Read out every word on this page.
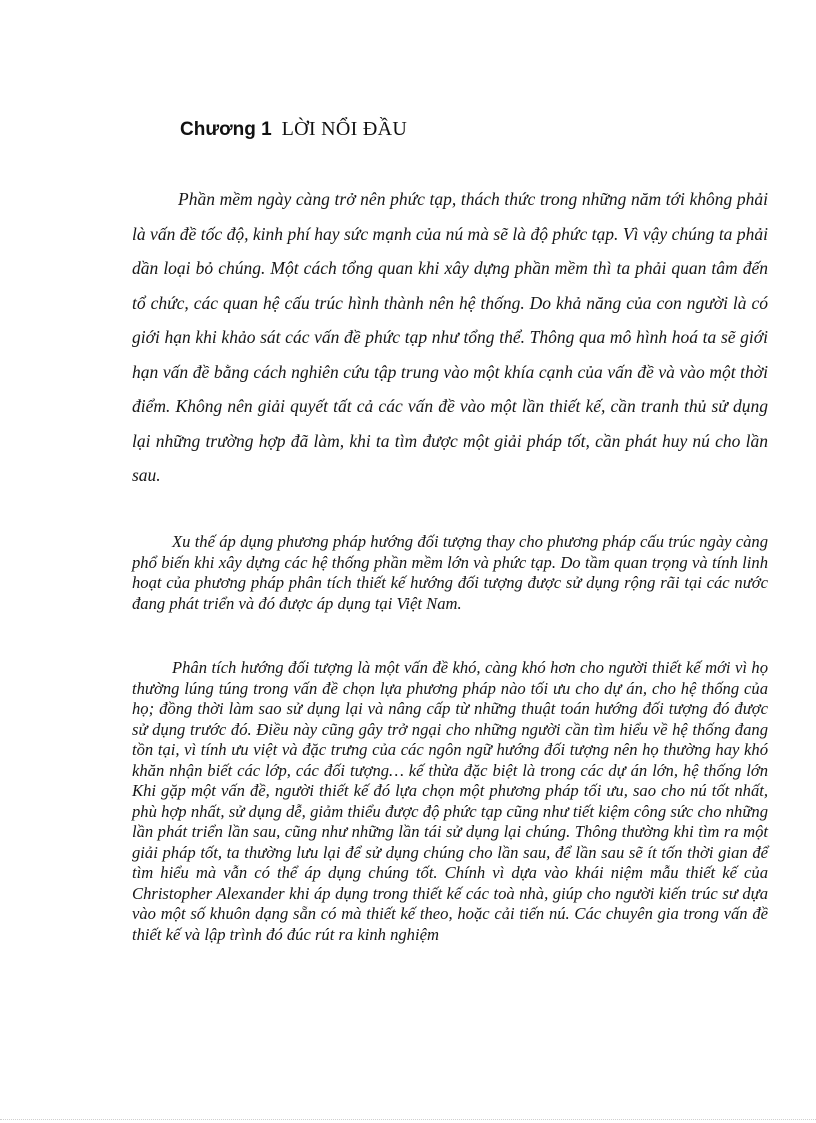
Chương 1 LỜI NỔI ĐẦU

Phần mềm ngày càng trở nên phức tạp, thách thức trong những năm tới không phải là vấn đề tốc độ, kinh phí hay sức mạnh của nú mà sẽ là độ phức tạp. Vì vậy chúng ta phải dần loại bỏ chúng. Một cách tổng quan khi xây dựng phần mềm thì ta phải quan tâm đến tổ chức, các quan hệ cấu trúc hình thành nên hệ thống. Do khả năng của con người là có giới hạn khi khảo sát các vấn đề phức tạp như tổng thể. Thông qua mô hình hoá ta sẽ giới hạn vấn đề bằng cách nghiên cứu tập trung vào một khía cạnh của vấn đề và vào một thời điểm. Không nên giải quyết tất cả các vấn đề vào một lần thiết kế, cần tranh thủ sử dụng lại những trường hợp đã làm, khi ta tìm được một giải pháp tốt, cần phát huy nú cho lần sau.

Xu thế áp dụng phương pháp hướng đối tượng thay cho phương pháp cấu trúc ngày càng phổ biến khi xây dựng các hệ thống phần mềm lớn và phức tạp. Do tầm quan trọng và tính linh hoạt của phương pháp phân tích thiết kế hướng đối tượng được sử dụng rộng rãi tại các nước đang phát triển và đó được áp dụng tại Việt Nam.

Phân tích hướng đối tượng là một vấn đề khó, càng khó hơn cho người thiết kế mới vì họ thường lúng túng trong vấn đề chọn lựa phương pháp nào tối ưu cho dự án, cho hệ thống của họ; đồng thời làm sao sử dụng lại và nâng cấp từ những thuật toán hướng đối tượng đó được sử dụng trước đó. Điều này cũng gây trở ngại cho những người cần tìm hiểu về hệ thống đang tồn tại, vì tính ưu việt và đặc trưng của các ngôn ngữ hướng đối tượng nên họ thường hay khó khăn nhận biết các lớp, các đối tượng… kế thừa đặc biệt là trong các dự án lớn, hệ thống lớn Khi gặp một vấn đề, người thiết kế đó lựa chọn một phương pháp tối ưu, sao cho nú tốt nhất, phù hợp nhất, sử dụng dễ, giảm thiểu được độ phức tạp cũng như tiết kiệm công sức cho những lần phát triển lần sau, cũng như những lần tái sử dụng lại chúng. Thông thường khi tìm ra một giải pháp tốt, ta thường lưu lại để sử dụng chúng cho lần sau, để lần sau sẽ ít tốn thời gian để tìm hiểu mà vẫn có thể áp dụng chúng tốt. Chính vì dựa vào khái niệm mẫu thiết kế của Christopher Alexander khi áp dụng trong thiết kế các toà nhà, giúp cho người kiến trúc sư dựa vào một số khuôn dạng sẵn có mà thiết kế theo, hoặc cải tiến nú. Các chuyên gia trong vấn đề thiết kế và lập trình đó đúc rút ra kinh nghiệm
